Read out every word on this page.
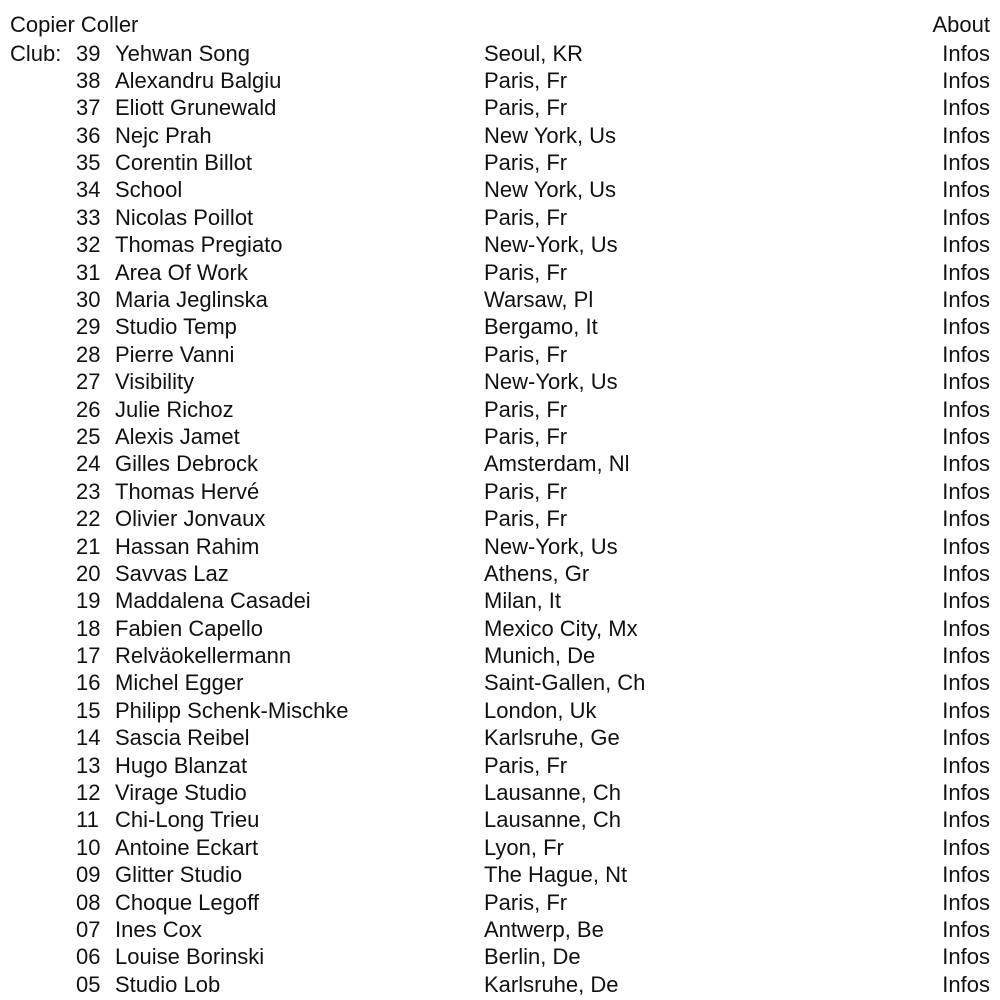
Copier Coller	About
Club: 39 Yehwan Song	Seoul, KR	Infos
38 Alexandru Balgiu	Paris, Fr	Infos
37 Eliott Grunewald	Paris, Fr	Infos
36 Nejc Prah	New York, Us	Infos
35 Corentin Billot	Paris, Fr	Infos
34 School	New York, Us	Infos
33 Nicolas Poillot	Paris, Fr	Infos
32 Thomas Pregiato	New-York, Us	Infos
31 Area Of Work	Paris, Fr	Infos
30 Maria Jeglinska	Warsaw, Pl	Infos
29 Studio Temp	Bergamo, It	Infos
28 Pierre Vanni	Paris, Fr	Infos
27 Visibility	New-York, Us	Infos
26 Julie Richoz	Paris, Fr	Infos
25 Alexis Jamet	Paris, Fr	Infos
24 Gilles Debrock	Amsterdam, Nl	Infos
23 Thomas Hervé	Paris, Fr	Infos
22 Olivier Jonvaux	Paris, Fr	Infos
21 Hassan Rahim	New-York, Us	Infos
20 Savvas Laz	Athens, Gr	Infos
19 Maddalena Casadei	Milan, It	Infos
18 Fabien Capello	Mexico City, Mx	Infos
17 Relväokellermann	Munich, De	Infos
16 Michel Egger	Saint-Gallen, Ch	Infos
15 Philipp Schenk-Mischke	London, Uk	Infos
14 Sascia Reibel	Karlsruhe, Ge	Infos
13 Hugo Blanzat	Paris, Fr	Infos
12 Virage Studio	Lausanne, Ch	Infos
11 Chi-Long Trieu	Lausanne, Ch	Infos
10 Antoine Eckart	Lyon, Fr	Infos
09 Glitter Studio	The Hague, Nt	Infos
08 Choque Legoff	Paris, Fr	Infos
07 Ines Cox	Antwerp, Be	Infos
06 Louise Borinski	Berlin, De	Infos
05 Studio Lob	Karlsruhe, De	Infos
